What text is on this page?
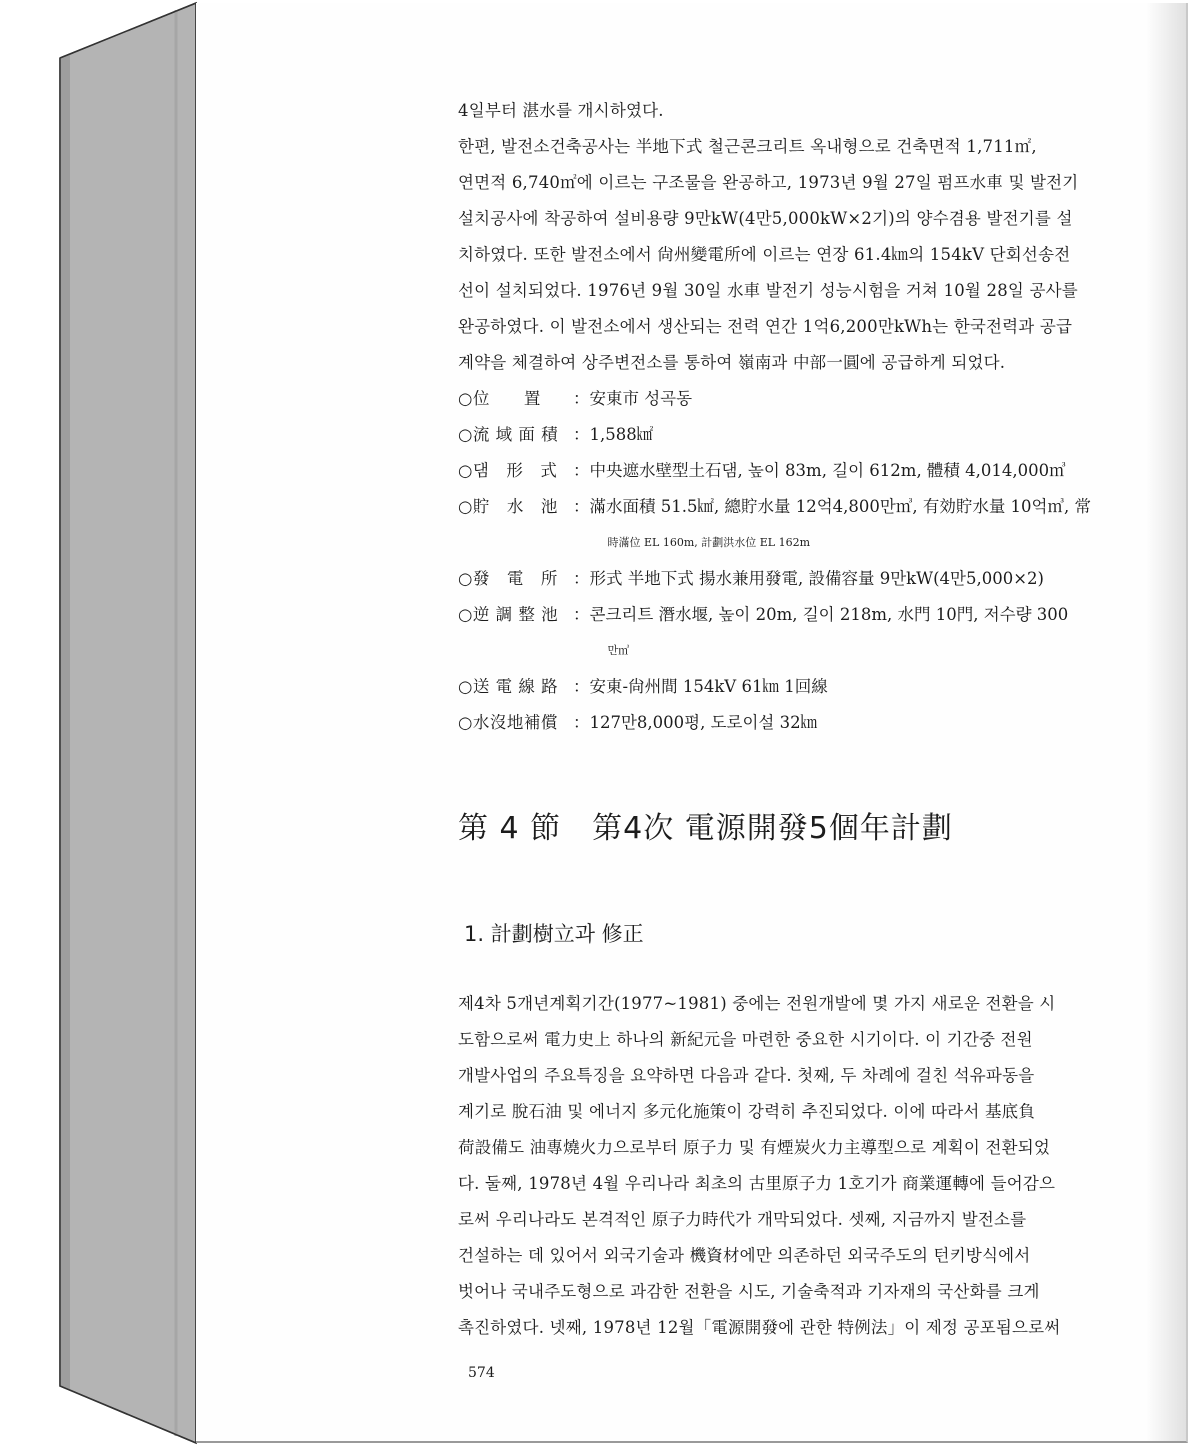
4일부터 湛水를 개시하였다.

한편, 발전소건축공사는 半地下式 철근콘크리트 옥내형으로 건축면적 1,711㎡,

연면적 6,740㎡에 이르는 구조물을 완공하고, 1973년 9월 27일 펌프水車 및 발전기

설치공사에 착공하여 설비용량 9만kW(4만5,000kW×2기)의 양수겸용 발전기를 설

치하였다. 또한 발전소에서 尙州變電所에 이르는 연장 61.4㎞의 154kV 단회선송전

선이 설치되었다. 1976년 9월 30일 水車 발전기 성능시험을 거쳐 10월 28일 공사를

완공하였다. 이 발전소에서 생산되는 전력 연간 1억6,200만kWh는 한국전력과 공급

계약을 체결하여 상주변전소를 통하여 嶺南과 中部一圓에 공급하게 되었다.

○位　　置	： 安東市 성곡동
○流 域 面 積 ： 1,588㎢
○댐　形　式 ： 中央遮水壁型土石댐, 높이 83m, 길이 612m, 體積 4,014,000㎥
○貯　水　池 ： 滿水面積 51.5㎢, 總貯水量 12억4,800만㎥, 有効貯水量 10억㎥, 常
時滿位 EL 160m, 計劃洪水位 EL 162m
○發　電　所 ： 形式 半地下式 揚水兼用發電, 設備容量 9만kW(4만5,000×2)
○逆 調 整 池 ： 콘크리트 潛水堰, 높이 20m, 길이 218m, 水門 10門, 저수량 300
만㎥
○送 電 線 路 ： 安東-尙州間 154kV 61㎞ 1回線
○水沒地補償 ： 127만8,000평, 도로이설 32㎞
第 4 節　第4次 電源開發5個年計劃
1. 計劃樹立과 修正

제4차 5개년계획기간(1977~1981) 중에는 전원개발에 몇 가지 새로운 전환을 시

도함으로써 電力史上 하나의 新紀元을 마련한 중요한 시기이다. 이 기간중 전원

개발사업의 주요특징을 요약하면 다음과 같다. 첫째, 두 차례에 걸친 석유파동을

계기로 脫石油 및 에너지 多元化施策이 강력히 추진되었다. 이에 따라서 基底負

荷設備도 油專燒火力으로부터 原子力 및 有煙炭火力主導型으로 계획이 전환되었

다. 둘째, 1978년 4월 우리나라 최초의 古里原子力 1호기가 商業運轉에 들어감으

로써 우리나라도 본격적인 原子力時代가 개막되었다. 셋째, 지금까지 발전소를

건설하는 데 있어서 외국기술과 機資材에만 의존하던 외국주도의 턴키방식에서

벗어나 국내주도형으로 과감한 전환을 시도, 기술축적과 기자재의 국산화를 크게

촉진하였다. 넷째, 1978년 12월「電源開發에 관한 特例法」이 제정 공포됨으로써

574
